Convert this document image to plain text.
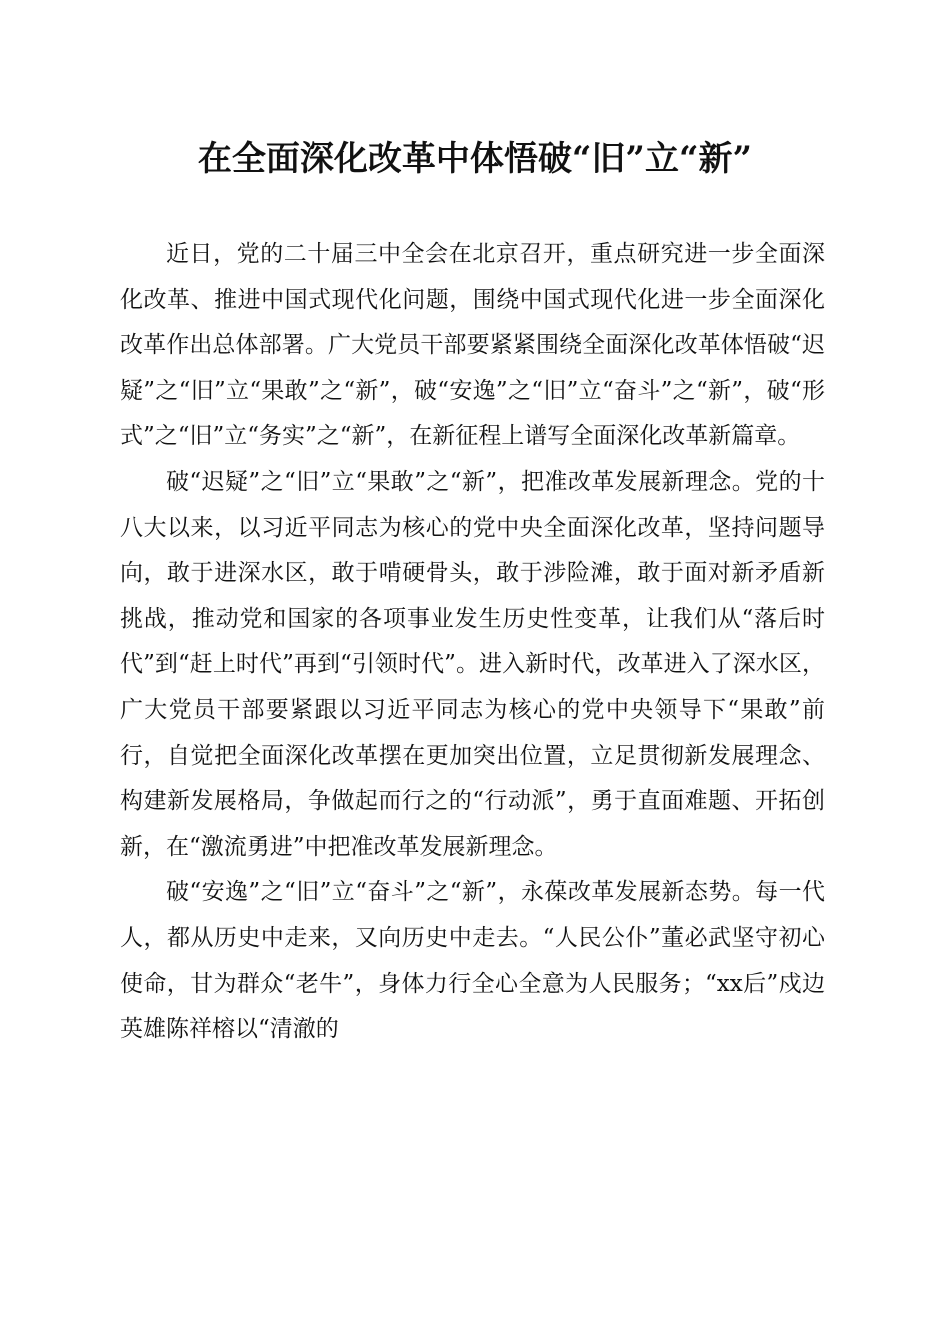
在全面深化改革中体悟破“旧”立“新”

近日，党的二十届三中全会在北京召开，重点研究进一步全面深化改革、推进中国式现代化问题，围绕中国式现代化进一步全面深化改革作出总体部署。广大党员干部要紧紧围绕全面深化改革体悟破“迟疑”之“旧”立“果敢”之“新”，破“安逸”之“旧”立“奋斗”之“新”，破“形式”之“旧”立“务实”之“新”，在新征程上谱写全面深化改革新篇章。

破“迟疑”之“旧”立“果敢”之“新”，把准改革发展新理念。党的十八大以来，以习近平同志为核心的党中央全面深化改革，坚持问题导向，敢于进深水区，敢于啃硬骨头，敢于涉险滩，敢于面对新矛盾新挑战，推动党和国家的各项事业发生历史性变革，让我们从“落后时代”到“赶上时代”再到“引领时代”。进入新时代，改革进入了深水区，广大党员干部要紧跟以习近平同志为核心的党中央领导下“果敢”前行，自觉把全面深化改革摆在更加突出位置，立足贯彻新发展理念、构建新发展格局，争做起而行之的“行动派”，勇于直面难题、开拓创新，在“激流勇进”中把准改革发展新理念。

破“安逸”之“旧”立“奋斗”之“新”，永葆改革发展新态势。每一代人，都从历史中走来，又向历史中走去。“人民公仆”董必武坚守初心使命，甘为群众“老牛”，身体力行全心全意为人民服务；“xx后”戍边英雄陈祥榕以“清澈的
